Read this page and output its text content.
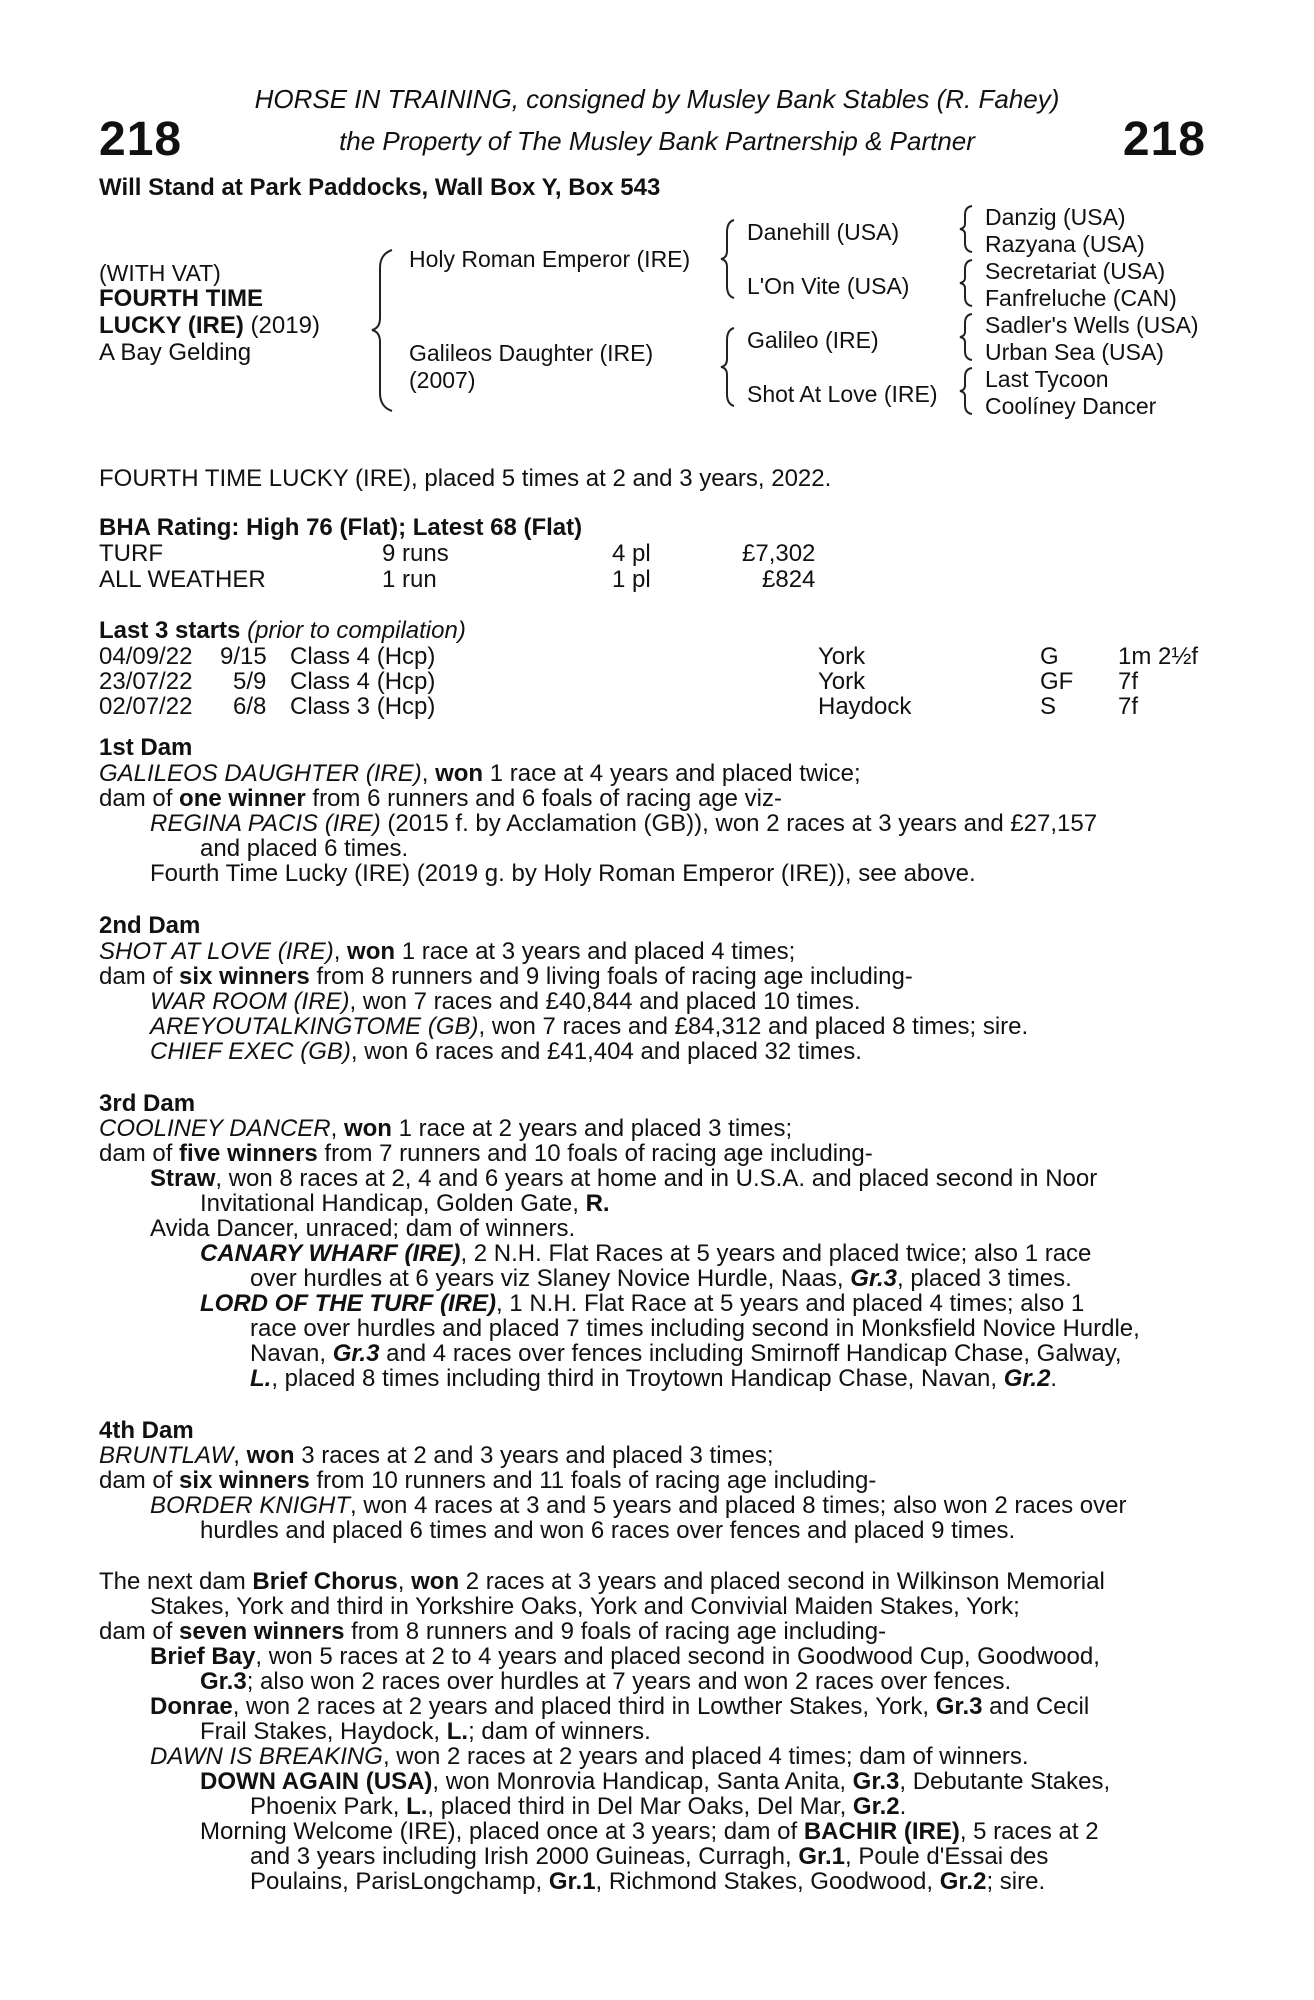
218	218
HORSE IN TRAINING, consigned by Musley Bank Stables (R. Fahey)
the Property of The Musley Bank Partnership & Partner
Will Stand at Park Paddocks, Wall Box Y, Box 543
(WITH VAT)
FOURTH TIME
LUCKY (IRE) (2019)
A Bay Gelding
Holy Roman Emperor (IRE)
Galileos Daughter (IRE)
(2007)
Danehill (USA)
L'On Vite (USA)
Galileo (IRE)
Shot At Love (IRE)
Danzig (USA)
Razyana (USA)
Secretariat (USA)
Fanfreluche (CAN)
Sadler's Wells (USA)
Urban Sea (USA)
Last Tycoon
Coolíney Dancer
FOURTH TIME LUCKY (IRE), placed 5 times at 2 and 3 years, 2022.
BHA Rating: High 76 (Flat); Latest 68 (Flat)
TURF	9 runs	4 pl	£7,302
ALL WEATHER	1 run	1 pl	£824
Last 3 starts (prior to compilation)
04/09/22 9/15 Class 4 (Hcp)	York	G 1m 2½f
23/07/22 5/9 Class 4 (Hcp)	York	GF 7f
02/07/22 6/8 Class 3 (Hcp)	Haydock	S	7f
1st Dam
GALILEOS DAUGHTER (IRE), won 1 race at 4 years and placed twice;
dam of one winner from 6 runners and 6 foals of racing age viz-
REGINA PACIS (IRE) (2015 f. by Acclamation (GB)), won 2 races at 3 years and £27,157
and placed 6 times.
Fourth Time Lucky (IRE) (2019 g. by Holy Roman Emperor (IRE)), see above.
2nd Dam
SHOT AT LOVE (IRE), won 1 race at 3 years and placed 4 times;
dam of six winners from 8 runners and 9 living foals of racing age including-
WAR ROOM (IRE), won 7 races and £40,844 and placed 10 times.
AREYOUTALKINGTOME (GB), won 7 races and £84,312 and placed 8 times; sire.
CHIEF EXEC (GB), won 6 races and £41,404 and placed 32 times.
3rd Dam
COOLINEY DANCER, won 1 race at 2 years and placed 3 times;
dam of five winners from 7 runners and 10 foals of racing age including-
Straw, won 8 races at 2, 4 and 6 years at home and in U.S.A. and placed second in Noor
Invitational Handicap, Golden Gate, R.
Avida Dancer, unraced; dam of winners.
CANARY WHARF (IRE), 2 N.H. Flat Races at 5 years and placed twice; also 1 race
over hurdles at 6 years viz Slaney Novice Hurdle, Naas, Gr.3, placed 3 times.
LORD OF THE TURF (IRE), 1 N.H. Flat Race at 5 years and placed 4 times; also 1
race over hurdles and placed 7 times including second in Monksfield Novice Hurdle,
Navan, Gr.3 and 4 races over fences including Smirnoff Handicap Chase, Galway,
L., placed 8 times including third in Troytown Handicap Chase, Navan, Gr.2.
4th Dam
BRUNTLAW, won 3 races at 2 and 3 years and placed 3 times;
dam of six winners from 10 runners and 11 foals of racing age including-
BORDER KNIGHT, won 4 races at 3 and 5 years and placed 8 times; also won 2 races over
hurdles and placed 6 times and won 6 races over fences and placed 9 times.
The next dam Brief Chorus, won 2 races at 3 years and placed second in Wilkinson Memorial
Stakes, York and third in Yorkshire Oaks, York and Convivial Maiden Stakes, York;
dam of seven winners from 8 runners and 9 foals of racing age including-
Brief Bay, won 5 races at 2 to 4 years and placed second in Goodwood Cup, Goodwood,
Gr.3; also won 2 races over hurdles at 7 years and won 2 races over fences.
Donrae, won 2 races at 2 years and placed third in Lowther Stakes, York, Gr.3 and Cecil
Frail Stakes, Haydock, L.; dam of winners.
DAWN IS BREAKING, won 2 races at 2 years and placed 4 times; dam of winners.
DOWN AGAIN (USA), won Monrovia Handicap, Santa Anita, Gr.3, Debutante Stakes,
Phoenix Park, L., placed third in Del Mar Oaks, Del Mar, Gr.2.
Morning Welcome (IRE), placed once at 3 years; dam of BACHIR (IRE), 5 races at 2
and 3 years including Irish 2000 Guineas, Curragh, Gr.1, Poule d'Essai des
Poulains, ParisLongchamp, Gr.1, Richmond Stakes, Goodwood, Gr.2; sire.
